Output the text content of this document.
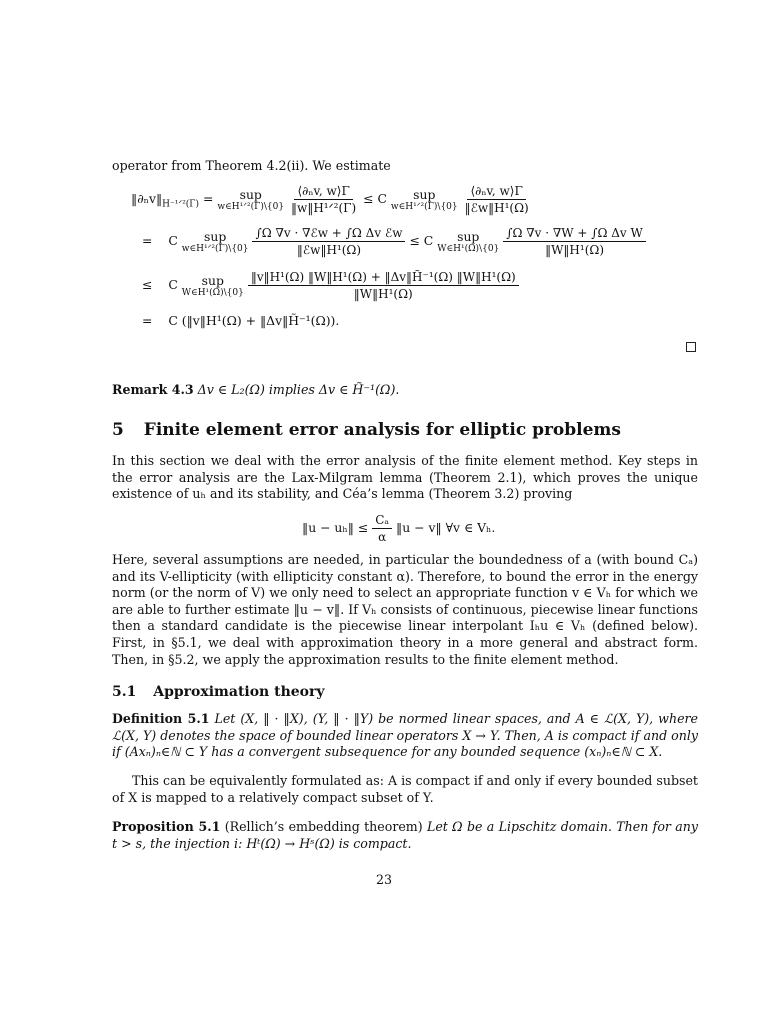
operator from Theorem 4.2(ii). We estimate
$‖\partial_nv‖_{H^{-1}ᐟ^2(\Gamma)}$ = sup
w∈H¹ᐟ²(Γ)\{0}
$\frac{\text{⟨∂ₙv, w⟩Γ}}{\text{‖w‖H¹ᐟ²(Γ)}} \le C$ sup
w∈H¹ᐟ²(Γ)\{0}
$\frac{\text{⟨∂ₙv, w⟩Γ}}{\text{‖ℰw‖H¹(Ω)}}$
= C sup
w∈H¹ᐟ²(Γ)\{0}
$\frac{\text{∫Ω ∇v · ∇ℰw + ∫Ω Δv ℰw}}{\text{‖ℰw‖H¹(Ω)}} \le C$ sup
W∈H¹(Ω)\{0}
$\frac{\text{∫Ω ∇v · ∇W + ∫Ω Δv W}}{\text{‖W‖H¹(Ω)}}$
≤ C sup
W∈H¹(Ω)\{0}
$\frac{\text{‖v‖H¹(Ω) ‖W‖H¹(Ω) + ‖Δv‖H̃⁻¹(Ω) ‖W‖H¹(Ω)}}{\text{‖W‖H¹(Ω)}}$
= C (‖v‖H¹(Ω) + ‖Δv‖H̃⁻¹(Ω)).
Remark 4.3 Δv ∈ L₂(Ω) implies Δv ∈ H̃⁻¹(Ω).
5 Finite element error analysis for elliptic problems
In this section we deal with the error analysis of the finite element method. Key steps in the error analysis are the Lax-Milgram lemma (Theorem 2.1), which proves the unique existence of uₕ and its stability, and Céa’s lemma (Theorem 3.2) proving
‖u − uₕ‖ ≤ $\frac{\text{Cₐ}}{\alpha}$ ‖u − v‖ ∀v ∈ Vₕ.
Here, several assumptions are needed, in particular the boundedness of a (with bound Cₐ) and its V-ellipticity (with ellipticity constant α). Therefore, to bound the error in the energy norm (or the norm of V) we only need to select an appropriate function v ∈ Vₕ for which we are able to further estimate ‖u − v‖. If Vₕ consists of continuous, piecewise linear functions then a standard candidate is the piecewise linear interpolant Iₕu ∈ Vₕ (defined below). First, in §5.1, we deal with approximation theory in a more general and abstract form. Then, in §5.2, we apply the approximation results to the finite element method.
5.1 Approximation theory
Definition 5.1 Let (X, ‖ · ‖X), (Y, ‖ · ‖Y) be normed linear spaces, and A ∈ ℒ(X, Y), where ℒ(X, Y) denotes the space of bounded linear operators X → Y. Then, A is compact if and only if (Axₙ)ₙ∈ℕ ⊂ Y has a convergent subsequence for any bounded sequence (xₙ)ₙ∈ℕ ⊂ X.
This can be equivalently formulated as: A is compact if and only if every bounded subset of X is mapped to a relatively compact subset of Y.
Proposition 5.1 (Rellich’s embedding theorem) Let Ω be a Lipschitz domain. Then for any t > s, the injection i: Hᵗ(Ω) → Hˢ(Ω) is compact.
23
